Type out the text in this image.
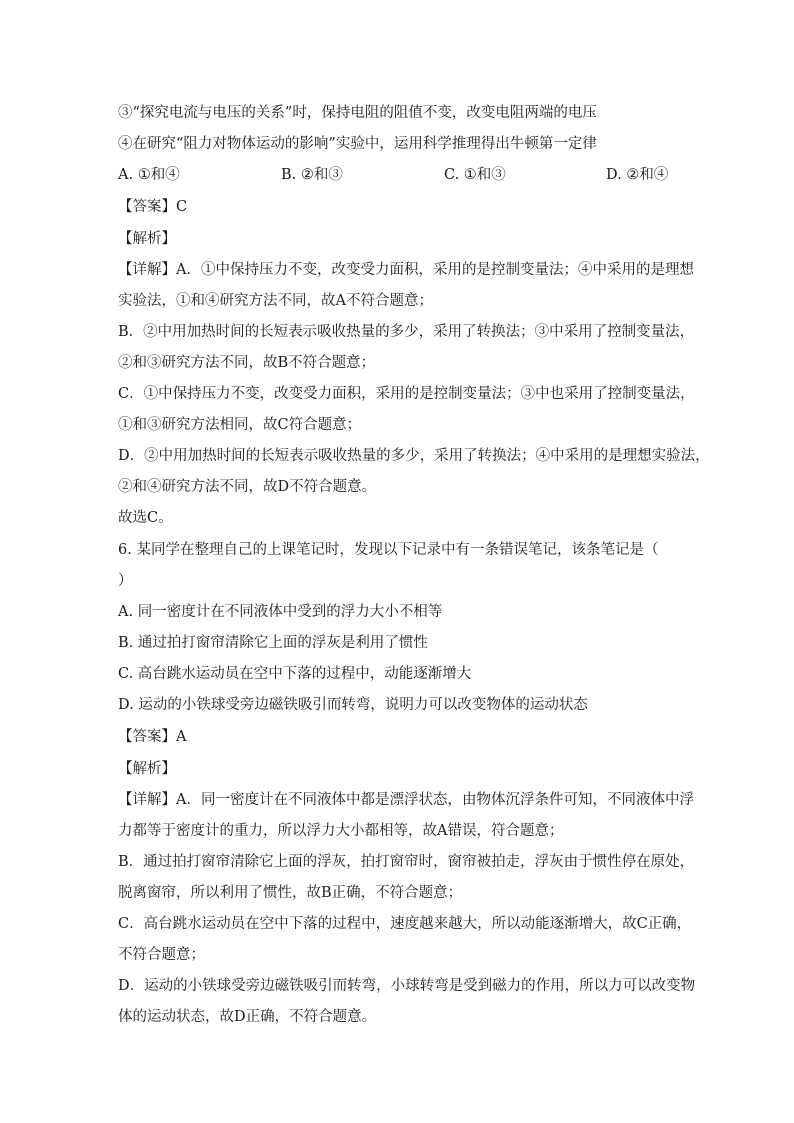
③“探究电流与电压的关系”时，保持电阻的阻值不变，改变电阻两端的电压
④在研究“阻力对物体运动的影响”实验中，运用科学推理得出牛顿第一定律
A. ①和④	B. ②和③	C. ①和③	D. ②和④
【答案】C
【解析】
【详解】A．①中保持压力不变，改变受力面积，采用的是控制变量法；④中采用的是理想
实验法，①和④研究方法不同，故A不符合题意；
B．②中用加热时间的长短表示吸收热量的多少，采用了转换法；③中采用了控制变量法，
②和③研究方法不同，故B不符合题意；
C．①中保持压力不变，改变受力面积，采用的是控制变量法；③中也采用了控制变量法，
①和③研究方法相同，故C符合题意；
D．②中用加热时间的长短表示吸收热量的多少，采用了转换法；④中采用的是理想实验法，
②和④研究方法不同，故D不符合题意。
故选C。
6. 某同学在整理自己的上课笔记时，发现以下记录中有一条错误笔记，该条笔记是（
）
A. 同一密度计在不同液体中受到的浮力大小不相等
B. 通过拍打窗帘清除它上面的浮灰是利用了惯性
C. 高台跳水运动员在空中下落的过程中，动能逐渐增大
D. 运动的小铁球受旁边磁铁吸引而转弯，说明力可以改变物体的运动状态
【答案】A
【解析】
【详解】A．同一密度计在不同液体中都是漂浮状态，由物体沉浮条件可知，不同液体中浮
力都等于密度计的重力，所以浮力大小都相等，故A错误，符合题意；
B．通过拍打窗帘清除它上面的浮灰，拍打窗帘时，窗帘被拍走，浮灰由于惯性停在原处，
脱离窗帘，所以利用了惯性，故B正确，不符合题意；
C．高台跳水运动员在空中下落的过程中，速度越来越大，所以动能逐渐增大，故C正确，
不符合题意；
D．运动的小铁球受旁边磁铁吸引而转弯，小球转弯是受到磁力的作用，所以力可以改变物
体的运动状态，故D正确，不符合题意。
